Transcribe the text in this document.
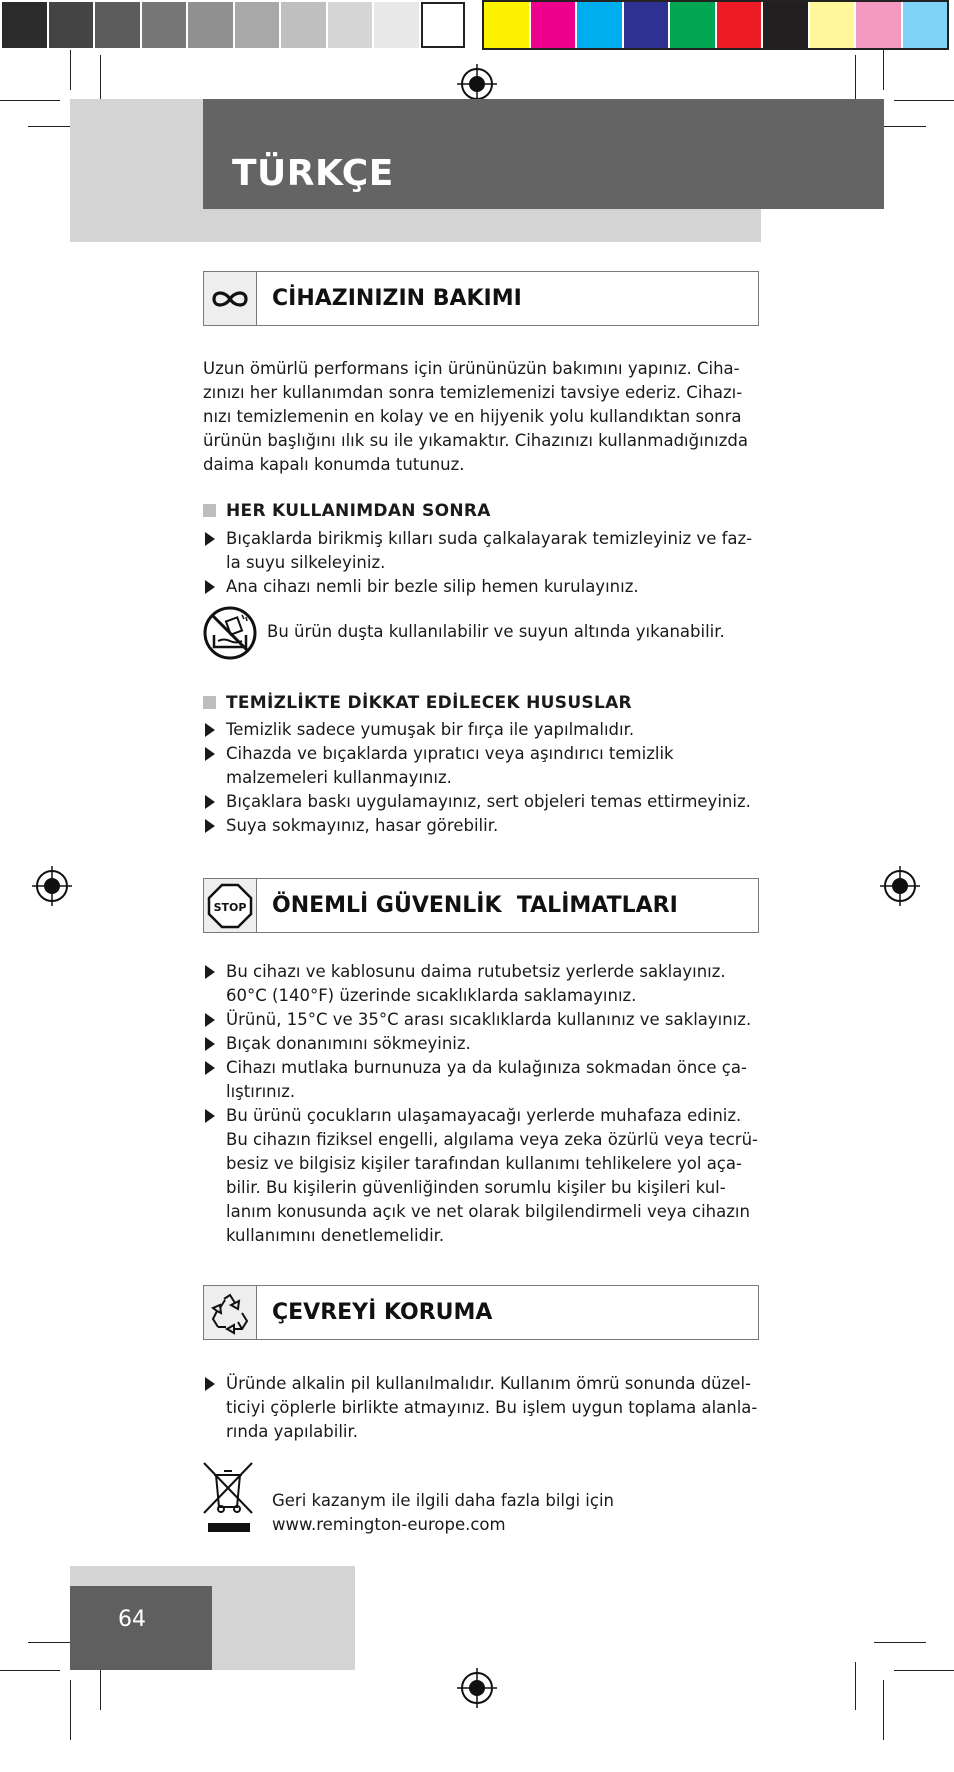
TÜRKÇE
CİHAZINIZIN BAKIMI
Uzun ömürlü performans için ürününüzün bakımını yapınız. Ciha-
zınızı her kullanımdan sonra temizlemenizi tavsiye ederiz. Cihazı-
nızı temizlemenin en kolay ve en hijyenik yolu kullandıktan sonra
ürünün başlığını ılık su ile yıkamaktır. Cihazınızı kullanmadığınızda
daima kapalı konumda tutunuz.
HER KULLANIMDAN SONRA
Bıçaklarda birikmiş kılları suda çalkalayarak temizleyiniz ve faz-
la suyu silkeleyiniz.
Ana cihazı nemli bir bezle silip hemen kurulayınız.
Bu ürün duşta kullanılabilir ve suyun altında yıkanabilir.
TEMİZLİKTE DİKKAT EDİLECEK HUSUSLAR
Temizlik sadece yumuşak bir fırça ile yapılmalıdır.
Cihazda ve bıçaklarda yıpratıcı veya aşındırıcı temizlik
malzemeleri kullanmayınız.
Bıçaklara baskı uygulamayınız, sert objeleri temas ettirmeyiniz.
Suya sokmayınız, hasar görebilir.
STOP ÖNEMLİ GÜVENLİK  TALİMATLARI
Bu cihazı ve kablosunu daima rutubetsiz yerlerde saklayınız.
60°C (140°F) üzerinde sıcaklıklarda saklamayınız.
Ürünü, 15°C ve 35°C arası sıcaklıklarda kullanınız ve saklayınız.
Bıçak donanımını sökmeyiniz.
Cihazı mutlaka burnunuza ya da kulağınıza sokmadan önce ça-
lıştırınız.
Bu ürünü çocukların ulaşamayacağı yerlerde muhafaza ediniz.
Bu cihazın fiziksel engelli, algılama veya zeka özürlü veya tecrü-
besiz ve bilgisiz kişiler tarafından kullanımı tehlikelere yol aça-
bilir. Bu kişilerin güvenliğinden sorumlu kişiler bu kişileri kul-
lanım konusunda açık ve net olarak bilgilendirmeli veya cihazın
kullanımını denetlemelidir.
ÇEVREYİ KORUMA
Üründe alkalin pil kullanılmalıdır. Kullanım ömrü sonunda düzel-
ticiyi çöplerle birlikte atmayınız. Bu işlem uygun toplama alanla-
rında yapılabilir.
Geri kazanym ile ilgili daha fazla bilgi için
www.remington-europe.com
64
